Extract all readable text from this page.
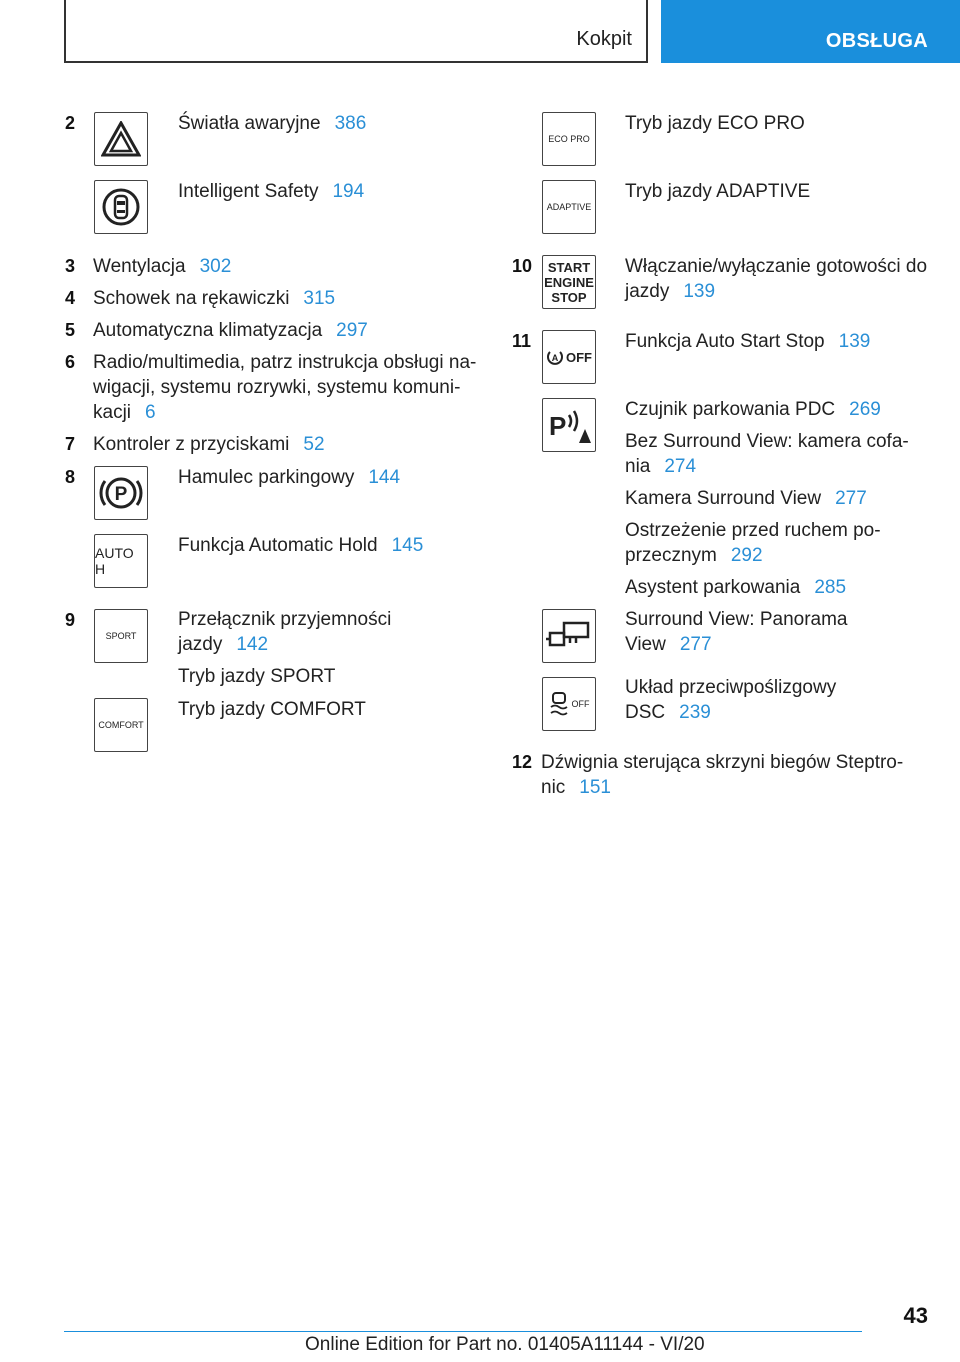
Kokpit	OBSŁUGA
2	Światła awaryjne 386
Intelligent Safety 194
3 Wentylacja 302
4 Schowek na rękawiczki 315
5 Automatyczna klimatyzacja 297
6 Radio/multimedia, patrz instrukcja obsługi na-
wigacji, systemu rozrywki, systemu komuni-
kacji 6
7 Kontroler z przyciskami 52
8
P
Hamulec parkingowy 144
AUTO H
Funkcja Automatic Hold 145
9
SPORT
Przełącznik przyjemności
jazdy 142
Tryb jazdy SPORT
COMFORT
Tryb jazdy COMFORT
ECO PRO
Tryb jazdy ECO PRO
ADAPTIVE
Tryb jazdy ADAPTIVE
10 START
ENGINE
STOP
Włączanie/wyłączanie gotowości do
jazdy 139
11
A OFF
Funkcja Auto Start Stop 139
P
Czujnik parkowania PDC 269
Bez Surround View: kamera cofa-
nia 274
Kamera Surround View 277
Ostrzeżenie przed ruchem po-
przecznym 292
Asystent parkowania 285
Surround View: Panorama
View 277
OFF
Układ przeciwpoślizgowy
DSC 239
12 Dźwignia sterująca skrzyni biegów Steptro-
nic 151
43
Online Edition for Part no. 01405A11144 - VI/20
